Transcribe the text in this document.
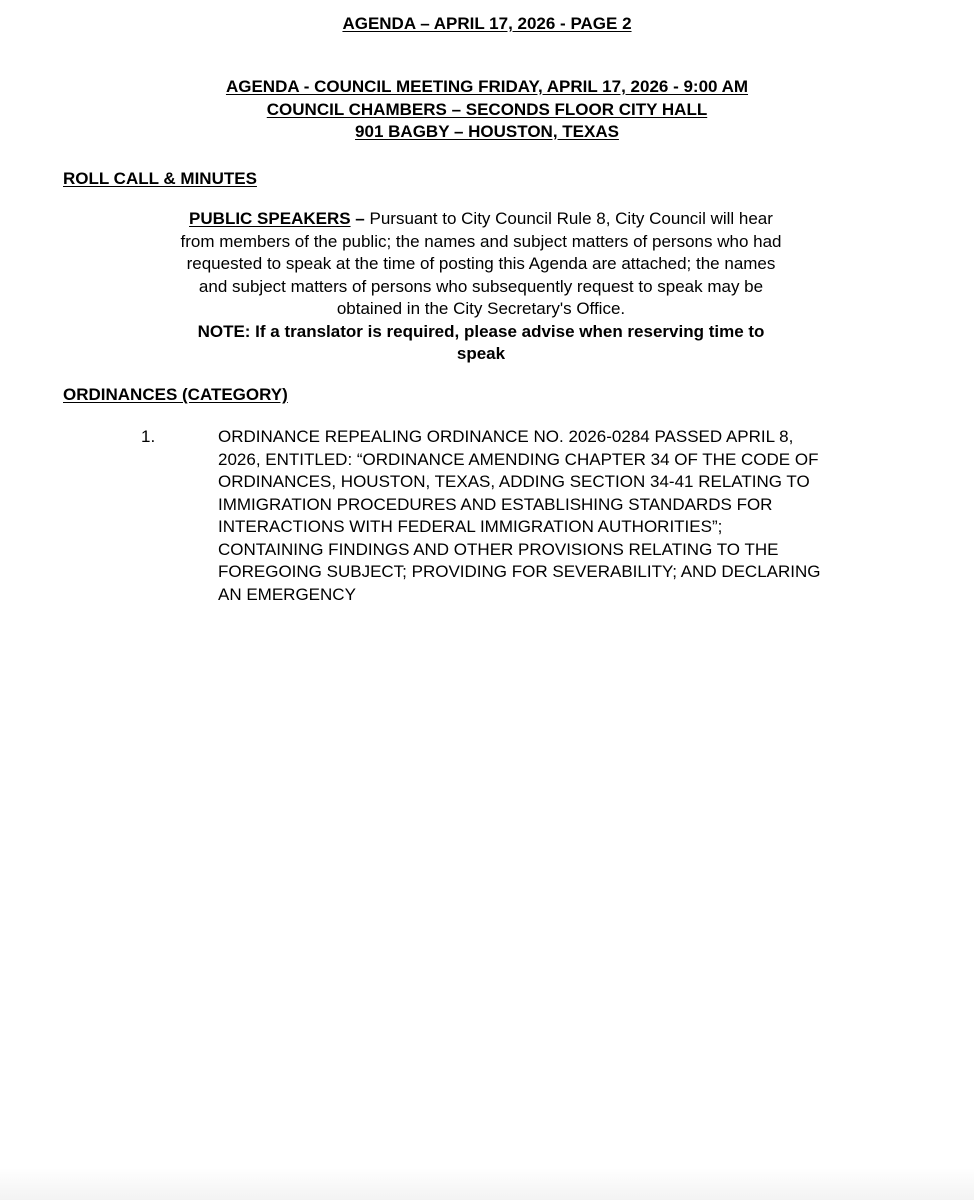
AGENDA – APRIL 17, 2026 - PAGE 2
AGENDA - COUNCIL MEETING FRIDAY, APRIL 17, 2026 - 9:00 AM
COUNCIL CHAMBERS – SECONDS FLOOR CITY HALL
901 BAGBY – HOUSTON, TEXAS
ROLL CALL & MINUTES
PUBLIC SPEAKERS – Pursuant to City Council Rule 8, City Council will hear
from members of the public; the names and subject matters of persons who had
requested to speak at the time of posting this Agenda are attached; the names
and subject matters of persons who subsequently request to speak may be
obtained in the City Secretary's Office.
NOTE: If a translator is required, please advise when reserving time to
speak
ORDINANCES (CATEGORY)
1.	ORDINANCE REPEALING ORDINANCE NO. 2026-0284 PASSED APRIL 8,
2026, ENTITLED: “ORDINANCE AMENDING CHAPTER 34 OF THE CODE OF
ORDINANCES, HOUSTON, TEXAS, ADDING SECTION 34-41 RELATING TO
IMMIGRATION PROCEDURES AND ESTABLISHING STANDARDS FOR
INTERACTIONS WITH FEDERAL IMMIGRATION AUTHORITIES”;
CONTAINING FINDINGS AND OTHER PROVISIONS RELATING TO THE
FOREGOING SUBJECT; PROVIDING FOR SEVERABILITY; AND DECLARING
AN EMERGENCY
